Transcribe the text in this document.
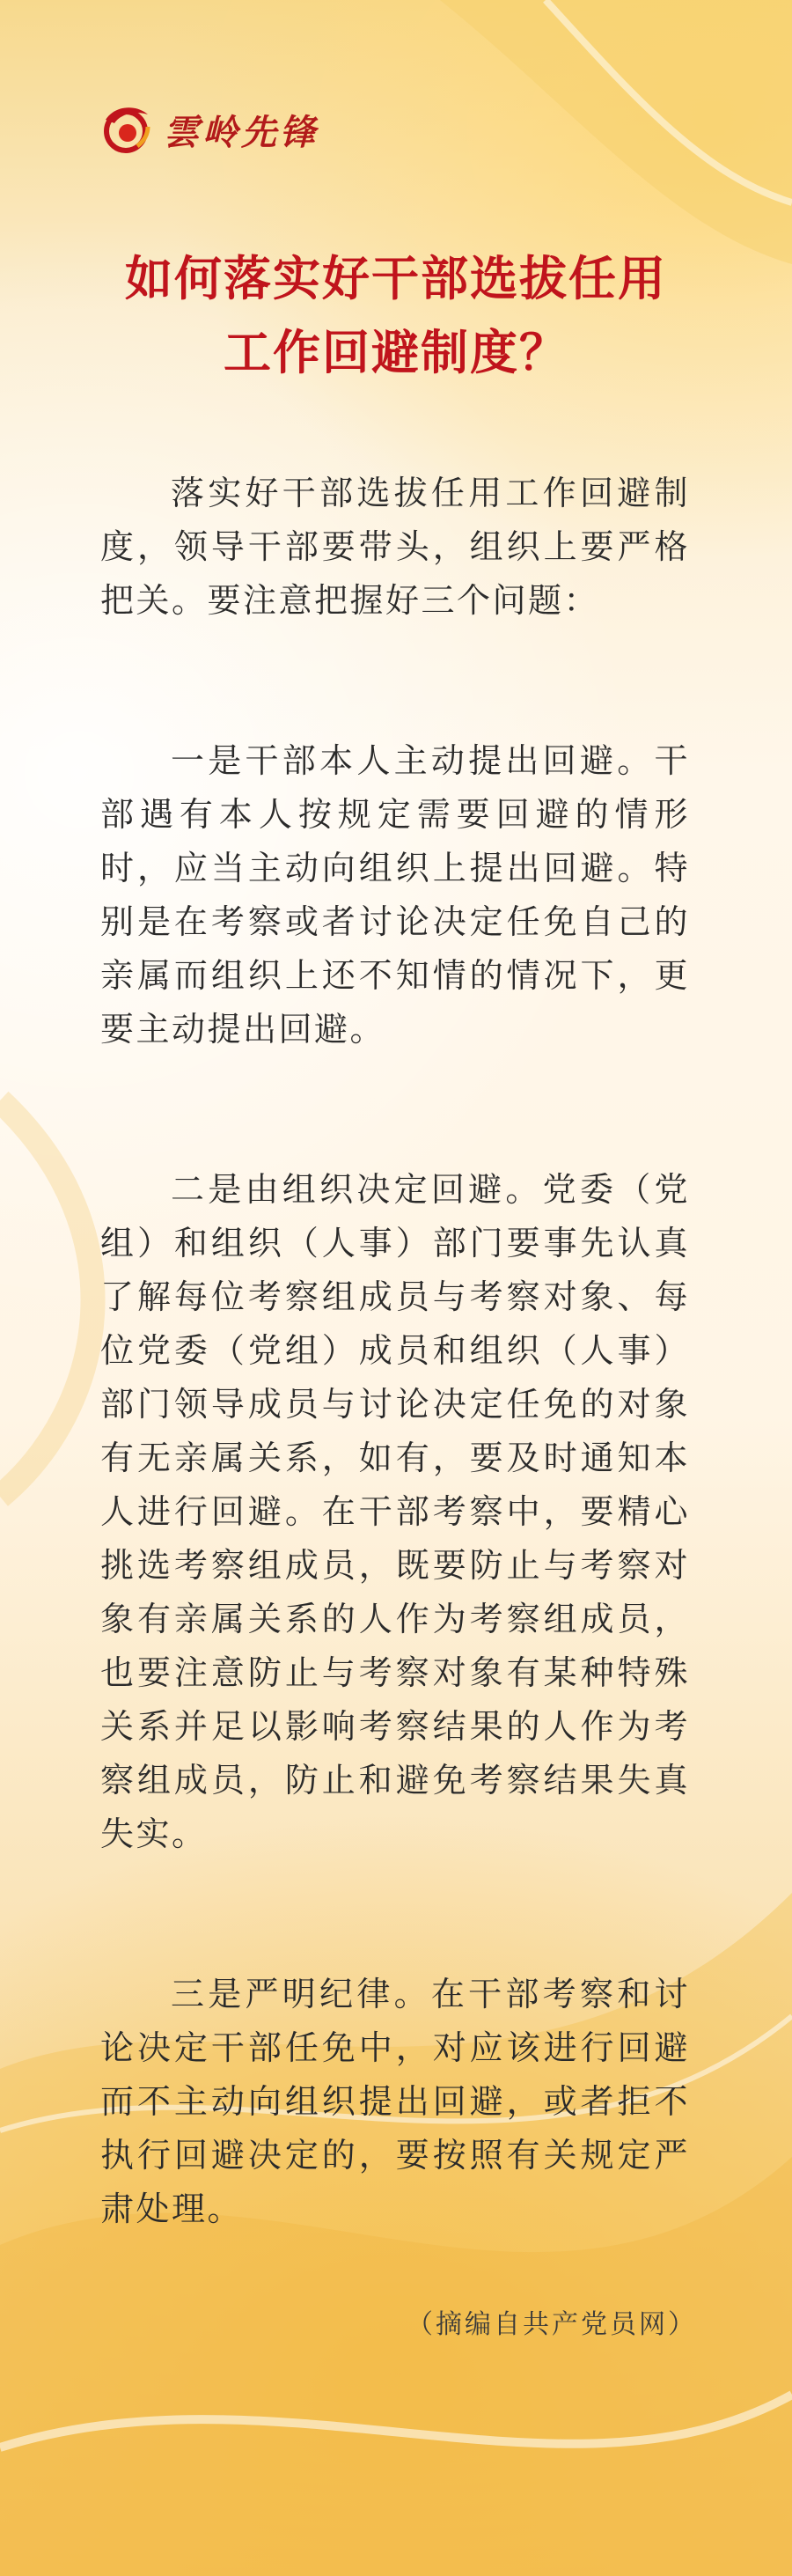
雲岭先锋
如何落实好干部选拔任用
工作回避制度？

落实好干部选拔任用工作回避制度，领导干部要带头，组织上要严格把关。要注意把握好三个问题：

一是干部本人主动提出回避。干部遇有本人按规定需要回避的情形时，应当主动向组织上提出回避。特别是在考察或者讨论决定任免自己的亲属而组织上还不知情的情况下，更要主动提出回避。

二是由组织决定回避。党委（党组）和组织（人事）部门要事先认真了解每位考察组成员与考察对象、每位党委（党组）成员和组织（人事）部门领导成员与讨论决定任免的对象有无亲属关系，如有，要及时通知本人进行回避。在干部考察中，要精心挑选考察组成员，既要防止与考察对象有亲属关系的人作为考察组成员，也要注意防止与考察对象有某种特殊关系并足以影响考察结果的人作为考察组成员，防止和避免考察结果失真失实。

三是严明纪律。在干部考察和讨论决定干部任免中，对应该进行回避而不主动向组织提出回避，或者拒不执行回避决定的，要按照有关规定严肃处理。

（摘编自共产党员网）
